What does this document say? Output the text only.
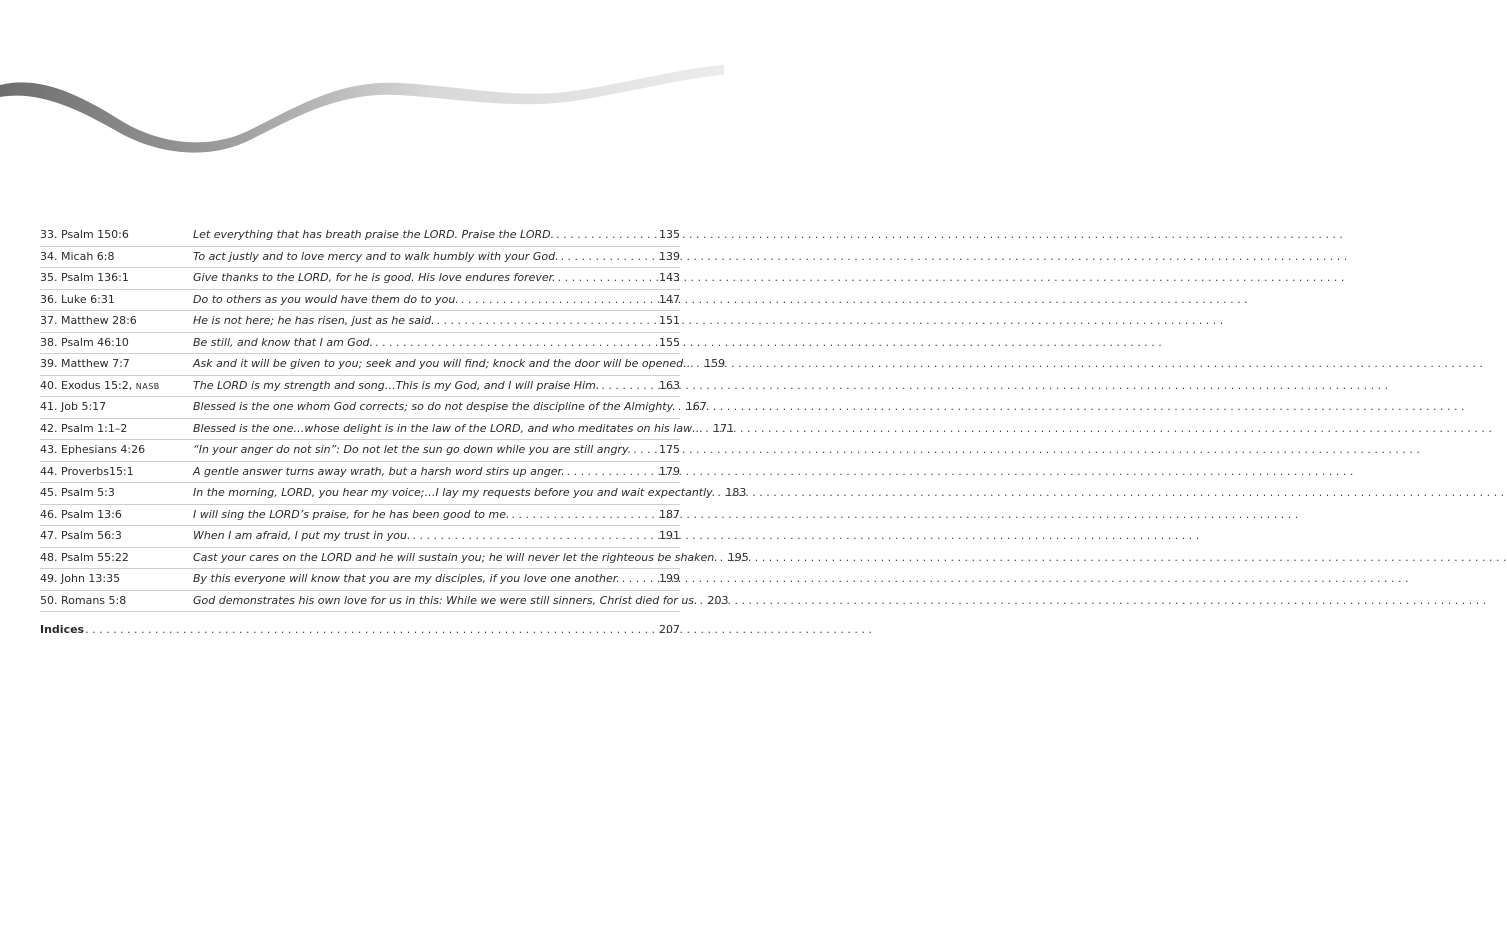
33. Psalm 150:6	Let everything that has breath praise the LORD. Praise the LORD. . . .	135
34. Micah 6:8	To act justly and to love mercy and to walk humbly with your God. . . .	139
35. Psalm 136:1	Give thanks to the LORD, for he is good. His love endures forever. . . .	143
36. Luke 6:31	Do to others as you would have them do to you. . . .	147
37. Matthew 28:6	He is not here; he has risen, just as he said. . . .	151
38. Psalm 46:10	Be still, and know that I am God. . . .	155
39. Matthew 7:7	Ask and it will be given to you; seek and you will find; knock and the door will be opened… . . . 159
40. Exodus 15:2, NASB	The LORD is my strength and song…This is my God, and I will praise Him. . . .	163
41. Job 5:17	Blessed is the one whom God corrects; so do not despise the discipline of the Almighty. . . . 167
42. Psalm 1:1–2	Blessed is the one…whose delight is in the law of the LORD, and who meditates on his law… . . . 171
43. Ephesians 4:26	“In your anger do not sin”: Do not let the sun go down while you are still angry. . . .	175
44. Proverbs15:1	A gentle answer turns away wrath, but a harsh word stirs up anger. . . .	179
45. Psalm 5:3	In the morning, LORD, you hear my voice;…I lay my requests before you and wait expectantly. . . . 183
46. Psalm 13:6	I will sing the LORD’s praise, for he has been good to me. . . .	187
47. Psalm 56:3	When I am afraid, I put my trust in you. . . .	191
48. Psalm 55:22	Cast your cares on the LORD and he will sustain you; he will never let the righteous be shaken. . . . 195
49. John 13:35	By this everyone will know that you are my disciples, if you love one another. . . .	199
50. Romans 5:8	God demonstrates his own love for us in this: While we were still sinners, Christ died for us. . . . 203
Indices . . .	207
